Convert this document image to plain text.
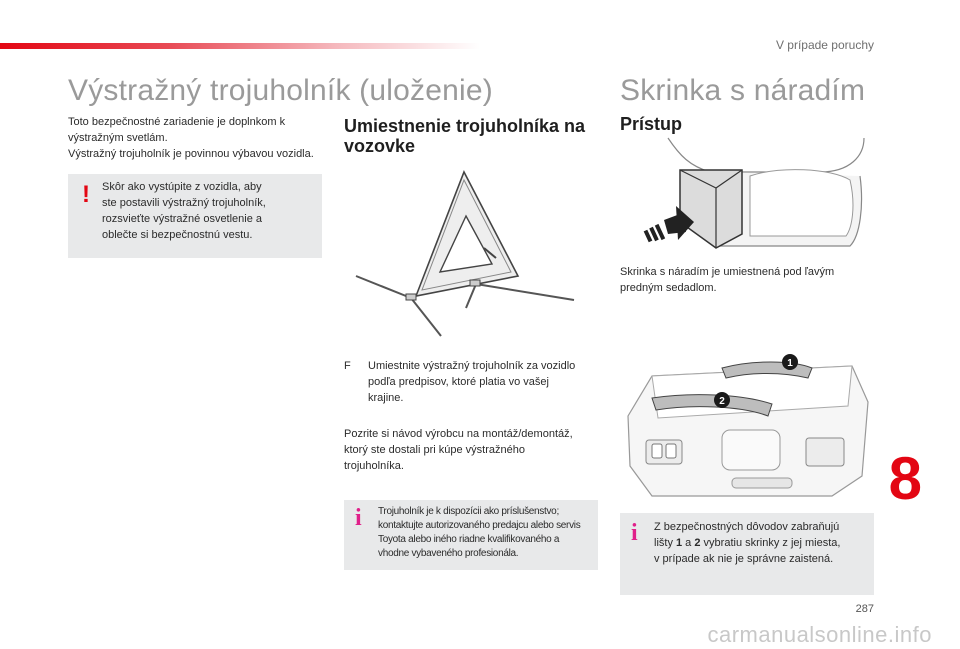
V prípade poruchy
Výstražný trojuholník (uloženie)
Toto bezpečnostné zariadenie je doplnkom k
výstražným svetlám.
Výstražný trojuholník je povinnou výbavou vozidla.
! Skôr ako vystúpite z vozidla, aby
ste postavili výstražný trojuholník,
rozsvieťte výstražné osvetlenie a
oblečte si bezpečnostnú vestu.
Umiestnenie trojuholníka na
vozovke
F	Umiestnite výstražný trojuholník za vozidlo
podľa predpisov, ktoré platia vo vašej
krajine.
Pozrite si návod výrobcu na montáž/demontáž,
ktorý ste dostali pri kúpe výstražného
trojuholníka.
i Trojuholník je k dispozícii ako príslušenstvo;
kontaktujte autorizovaného predajcu alebo servis
Toyota alebo iného riadne kvalifikovaného a
vhodne vybaveného profesionála.
Skrinka s náradím
Prístup
Skrinka s náradím je umiestnená pod ľavým
predným sedadlom.
1
2
i Z bezpečnostných dôvodov zabraňujú
lišty 1 a 2 vybratiu skrinky z jej miesta,
v prípade ak nie je správne zaistená.
8
287
carmanualsonline.info
